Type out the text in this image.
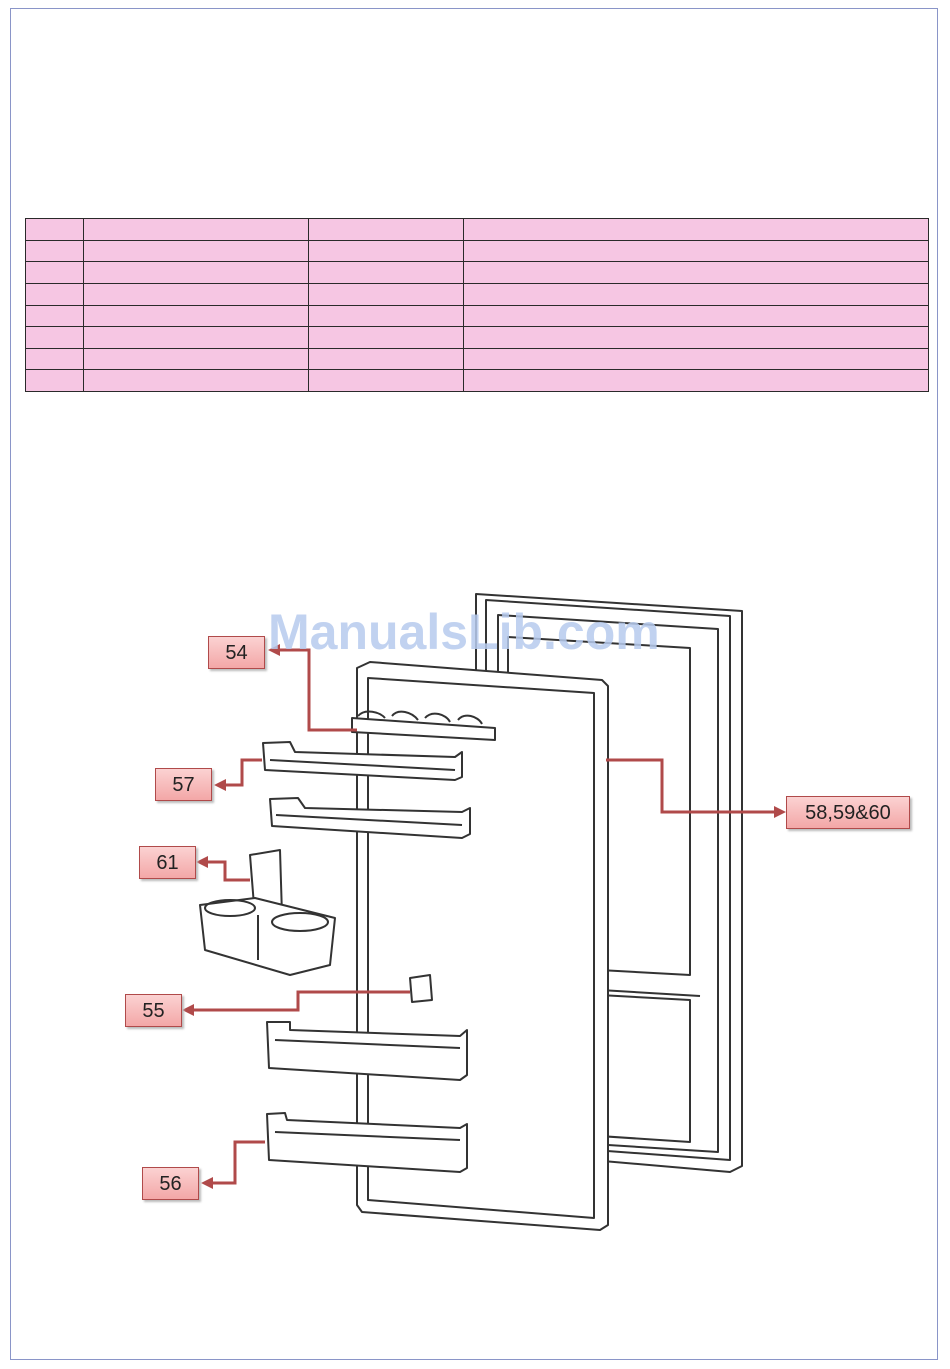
ManualsLib.com
54
57
61
55
56
58,59&60
